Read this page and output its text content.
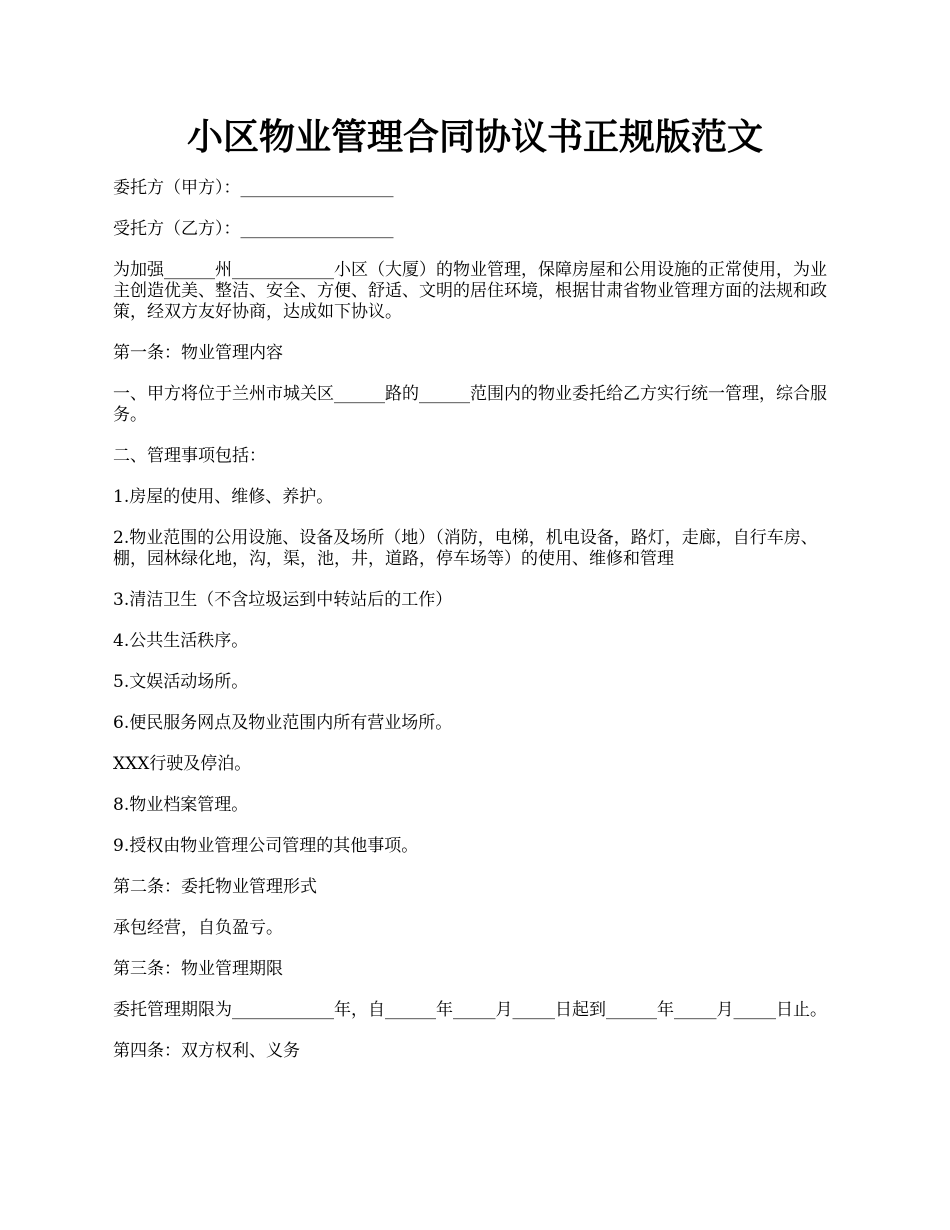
小区物业管理合同协议书正规版范文

委托方（甲方）：__________________

受托方（乙方）：__________________

为加强______州____________小区（大厦）的物业管理，保障房屋和公用设施的正常使用，为业主创造优美、整洁、安全、方便、舒适、文明的居住环境，根据甘肃省物业管理方面的法规和政策，经双方友好协商，达成如下协议。

第一条：物业管理内容

一、甲方将位于兰州市城关区______路的______范围内的物业委托给乙方实行统一管理，综合服务。

二、管理事项包括：

1.房屋的使用、维修、养护。

2.物业范围的公用设施、设备及场所（地）（消防，电梯，机电设备，路灯，走廊，自行车房、棚，园林绿化地，沟，渠，池，井，道路，停车场等）的使用、维修和管理

3.清洁卫生（不含垃圾运到中转站后的工作）

4.公共生活秩序。

5.文娱活动场所。

6.便民服务网点及物业范围内所有营业场所。

XXX行驶及停泊。

8.物业档案管理。

9.授权由物业管理公司管理的其他事项。

第二条：委托物业管理形式

承包经营，自负盈亏。

第三条：物业管理期限

委托管理期限为____________年，自______年_____月_____日起到______年_____月_____日止。

第四条：双方权利、义务
